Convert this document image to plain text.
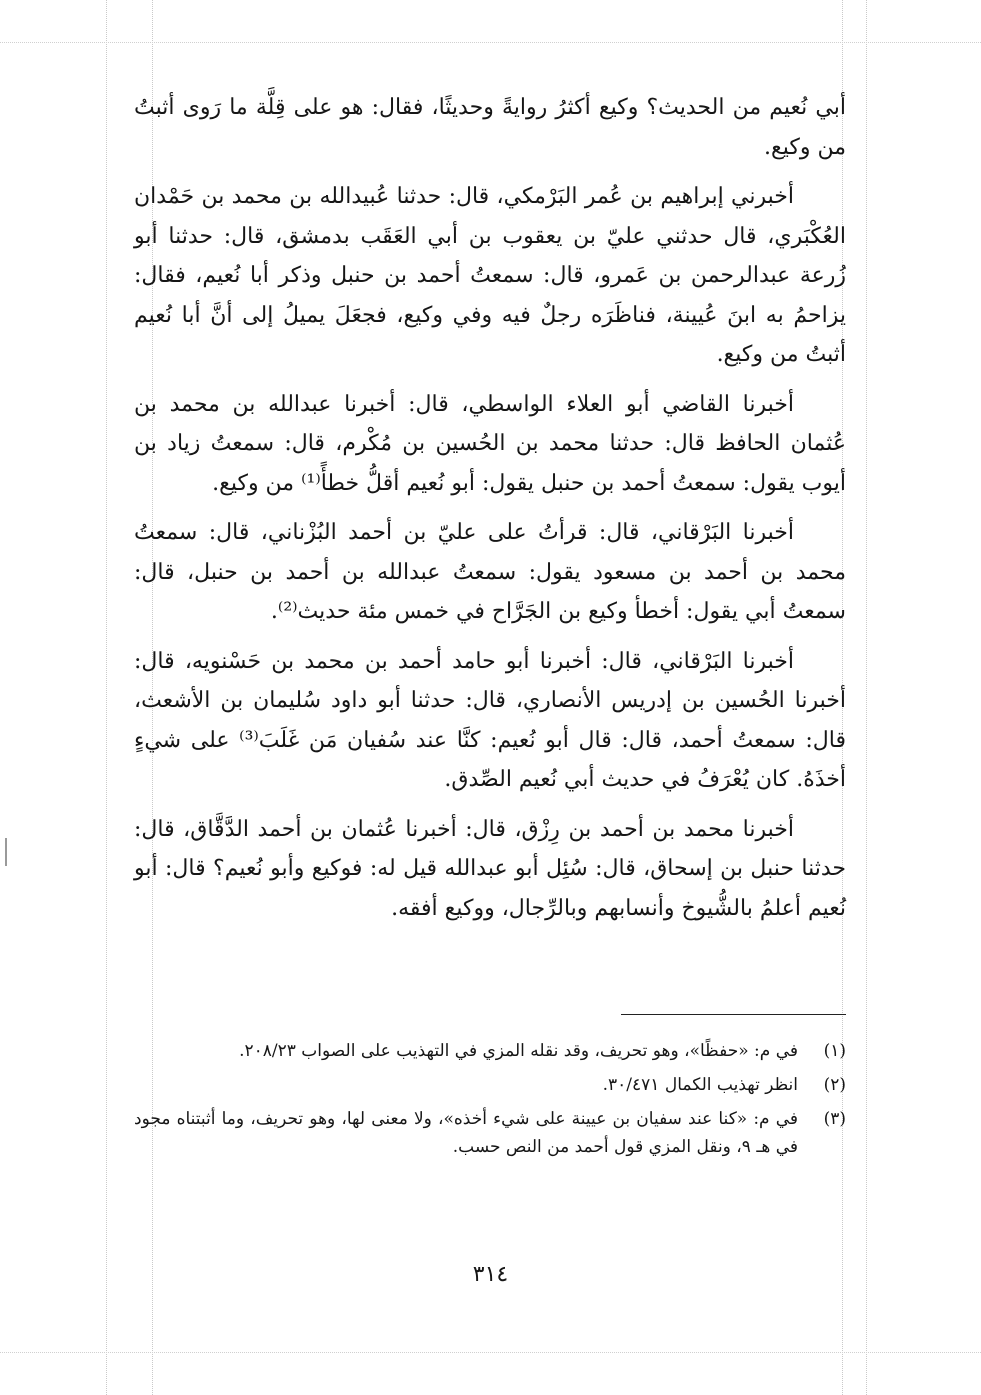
أبي نُعيم من الحديث؟ وكيع أكثرُ روايةً وحديثًا، فقال: هو على قِلَّة ما رَوى أثبتُ من وكيع.

أخبرني إبراهيم بن عُمر البَرْمكي، قال: حدثنا عُبيدالله بن محمد بن حَمْدان العُكْبَري، قال حدثني عليّ بن يعقوب بن أبي العَقَب بدمشق، قال: حدثنا أبو زُرعة عبدالرحمن بن عَمرو، قال: سمعتُ أحمد بن حنبل وذكر أبا نُعيم، فقال: يزاحمُ به ابنَ عُيينة، فناظَرَه رجلٌ فيه وفي وكيع، فجعَلَ يميلُ إلى أنَّ أبا نُعيم أثبتُ من وكيع.

أخبرنا القاضي أبو العلاء الواسطي، قال: أخبرنا عبدالله بن محمد بن عُثمان الحافظ قال: حدثنا محمد بن الحُسين بن مُكْرم، قال: سمعتُ زياد بن أيوب يقول: سمعتُ أحمد بن حنبل يقول: أبو نُعيم أقلُّ خطأً⁽¹⁾ من وكيع.

أخبرنا البَرْقاني، قال: قرأتُ على عليّ بن أحمد البُزْناني، قال: سمعتُ محمد بن أحمد بن مسعود يقول: سمعتُ عبدالله بن أحمد بن حنبل، قال: سمعتُ أبي يقول: أخطأ وكيع بن الجَرَّاح في خمس مئة حديث⁽²⁾.

أخبرنا البَرْقاني، قال: أخبرنا أبو حامد أحمد بن محمد بن حَسْنويه، قال: أخبرنا الحُسين بن إدريس الأنصاري، قال: حدثنا أبو داود سُليمان بن الأشعث، قال: سمعتُ أحمد، قال: قال أبو نُعيم: كنَّا عند سُفيان مَن غَلَبَ⁽³⁾ على شيءٍ أخذَهُ. كان يُعْرَفُ في حديث أبي نُعيم الصِّدق.

أخبرنا محمد بن أحمد بن رِزْق، قال: أخبرنا عُثمان بن أحمد الدَّقَّاق، قال: حدثنا حنبل بن إسحاق، قال: سُئِل أبو عبدالله قيل له: فوكيع وأبو نُعيم؟ قال: أبو نُعيم أعلمُ بالشُّيوخ وأنسابهم وبالرِّجال، ووكيع أفقه.

(١)
في م: «حفظًا»، وهو تحريف، وقد نقله المزي في التهذيب على الصواب ٢٠٨/٢٣.
(٢)
انظر تهذيب الكمال ٣٠/٤٧١.
(٣)
في م: «كنا عند سفيان بن عيينة على شيء أخذه»، ولا معنى لها، وهو تحريف، وما أثبتناه مجود في هـ ٩، ونقل المزي قول أحمد من النص حسب.
٣١٤
